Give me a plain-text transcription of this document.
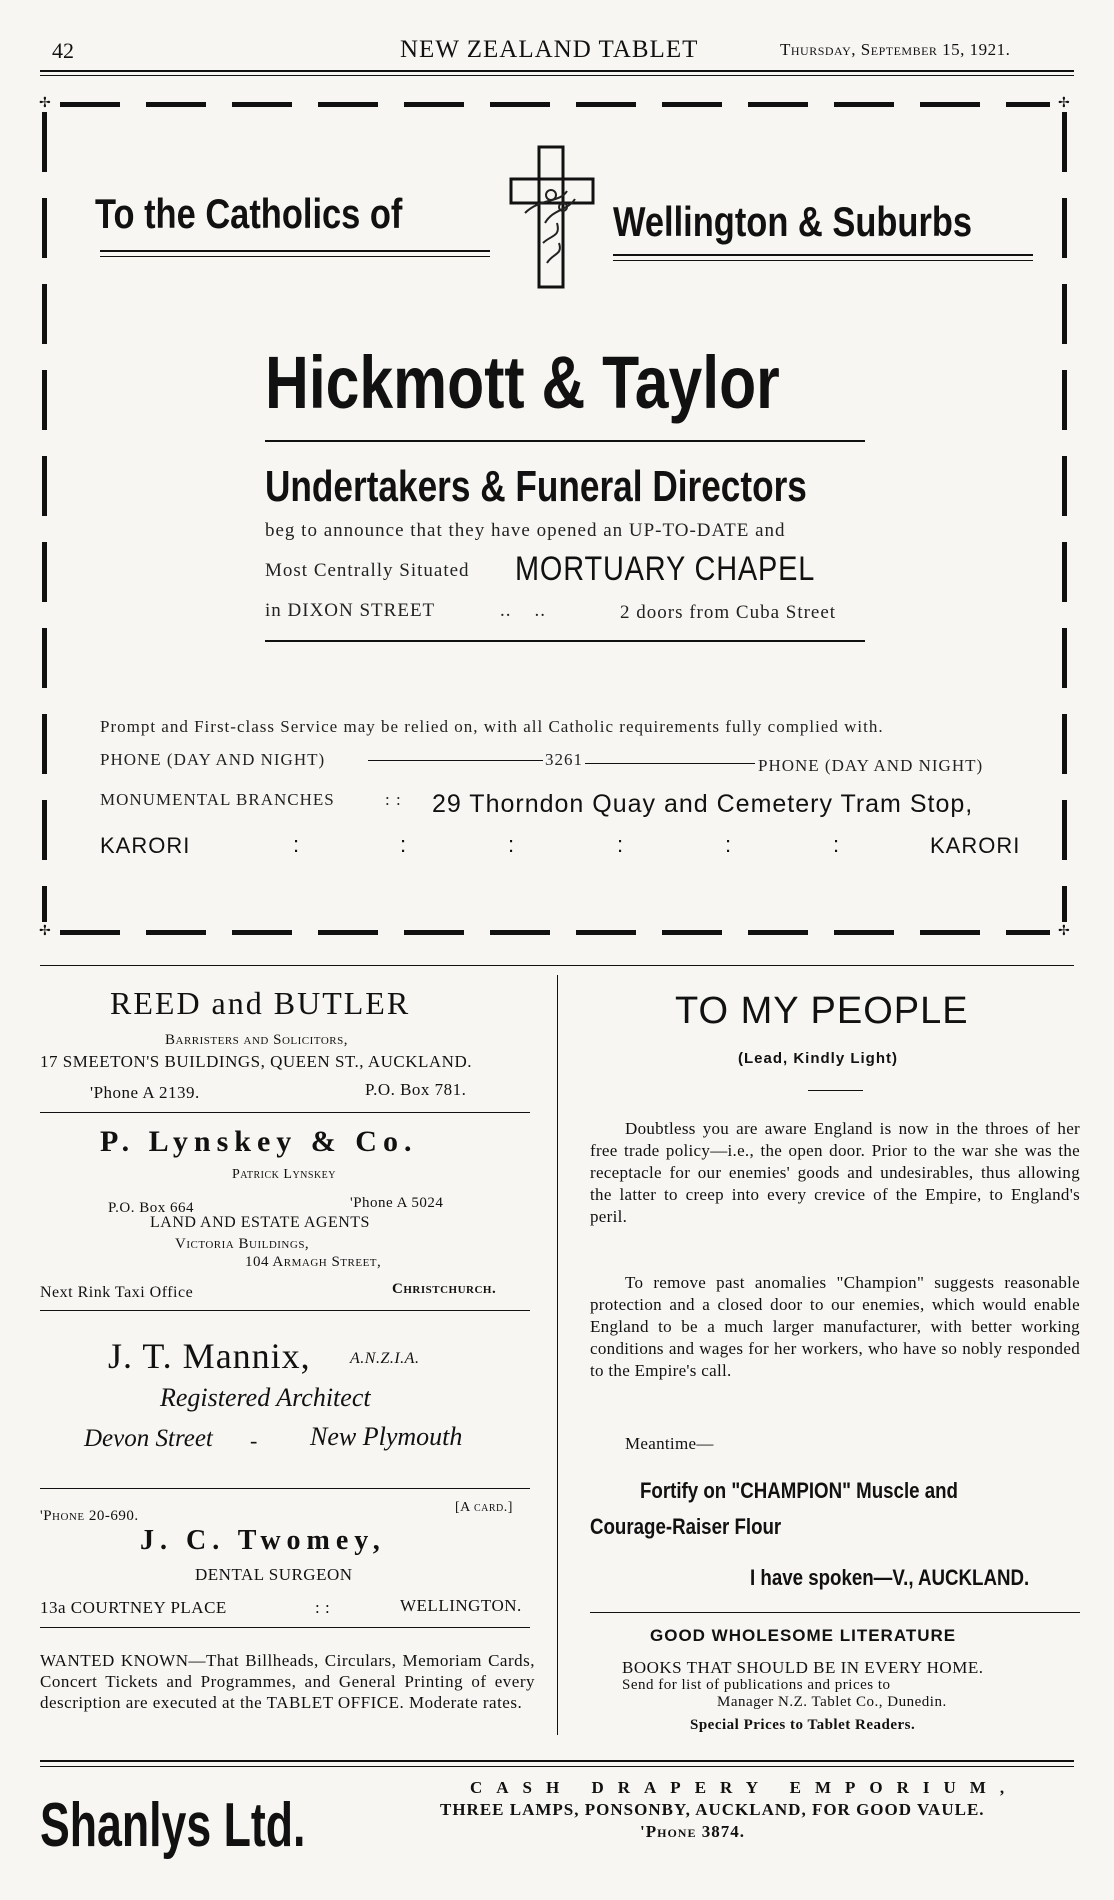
42	NEW ZEALAND TABLET	Thursday, September 15, 1921.
✢	✢
✢	✢
To the Catholics of	Wellington & Suburbs
Hickmott & Taylor
Undertakers & Funeral Directors
beg to announce that they have opened an UP-TO-DATE and
Most Centrally Situated MORTUARY CHAPEL
in DIXON STREET	..    ..	2 doors from Cuba Street
Prompt and First-class Service may be relied on, with all Catholic requirements fully complied with.
PHONE (DAY AND NIGHT)	3261	PHONE (DAY AND NIGHT)
MONUMENTAL BRANCHES	: : 29 Thorndon Quay and Cemetery Tram Stop,
KARORI	:	:	:	:	:	:	KARORI
REED and BUTLER
Barristers and Solicitors,
17 SMEETON'S BUILDINGS, QUEEN ST., AUCKLAND.
'Phone A 2139.	P.O. Box 781.
P. Lynskey & Co.
Patrick Lynskey
P.O. Box 664	'Phone A 5024
LAND AND ESTATE AGENTS
Victoria Buildings,
104 Armagh Street,
Next Rink Taxi Office	Christchurch.
J. T. Mannix, A.N.Z.I.A.
Registered Architect
Devon Street - New Plymouth
'Phone 20-690.
[A card.]
J. C. Twomey,
DENTAL SURGEON
13a COURTNEY PLACE	: :	WELLINGTON.
WANTED KNOWN—That Billheads, Circulars, Memoriam Cards, Concert Tickets and Programmes, and General Printing of every description are executed at the TABLET OFFICE. Moderate rates.
TO MY PEOPLE
(Lead, Kindly Light)
Doubtless you are aware England is now in the throes of her free trade policy—i.e., the open door. Prior to the war she was the receptacle for our enemies' goods and undesirables, thus allowing the latter to creep into every crevice of the Empire, to England's peril.
To remove past anomalies "Champion" suggests reasonable protection and a closed door to our enemies, which would enable England to be a much larger manufacturer, with better working conditions and wages for her workers, who have so nobly responded to the Empire's call.
Meantime—
Fortify on "CHAMPION" Muscle and
Courage-Raiser Flour
I have spoken—V., AUCKLAND.
GOOD WHOLESOME LITERATURE
BOOKS THAT SHOULD BE IN EVERY HOME.
Send for list of publications and prices to
Manager N.Z. Tablet Co., Dunedin.
Special Prices to Tablet Readers.
Shanlys Ltd.
CASH DRAPERY EMPORIUM,
THREE LAMPS, PONSONBY, AUCKLAND, FOR GOOD VAULE.
'Phone 3874.
